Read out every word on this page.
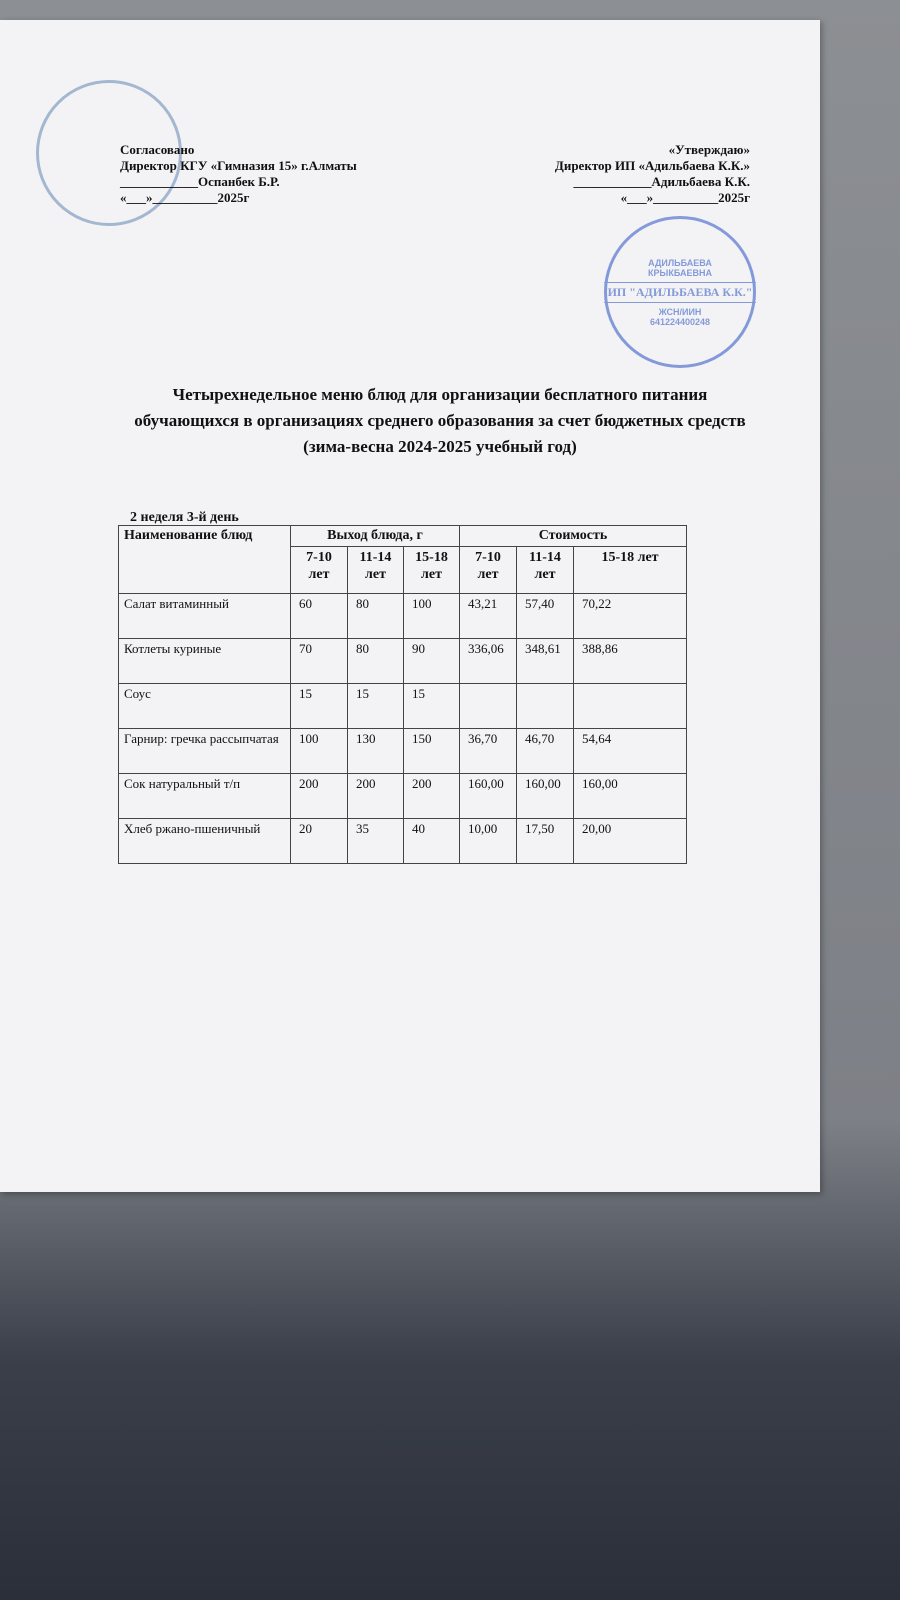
АДИЛЬБАЕВА КРЫКБАЕВНА
ИП "АДИЛЬБАЕВА К.К."
ЖСН/ИИН
641224400248
Согласовано
Директор КГУ «Гимназия 15» г.Алматы
____________Оспанбек Б.Р.
«___»__________2025г
«Утверждаю»
Директор ИП «Адильбаева К.К.»
____________Адильбаева К.К.
«___»__________2025г
Четырехнедельное меню блюд для организации бесплатного питания обучающихся в организациях среднего образования за счет бюджетных средств (зима-весна 2024-2025 учебный год)
2 неделя 3-й день
Наименование блюд	Выход блюда, г			Стоимость		
	7-10 лет	11-14 лет	15-18 лет	7-10 лет	11-14 лет	15-18 лет
Салат витаминный	60	80	100	43,21	57,40	70,22
Котлеты куриные	70	80	90	336,06	348,61	388,86
Соус	15	15	15			
Гарнир: гречка рассыпчатая	100	130	150	36,70	46,70	54,64
Сок натуральный т/п	200	200	200	160,00	160,00	160,00
Хлеб ржано-пшеничный	20	35	40	10,00	17,50	20,00
